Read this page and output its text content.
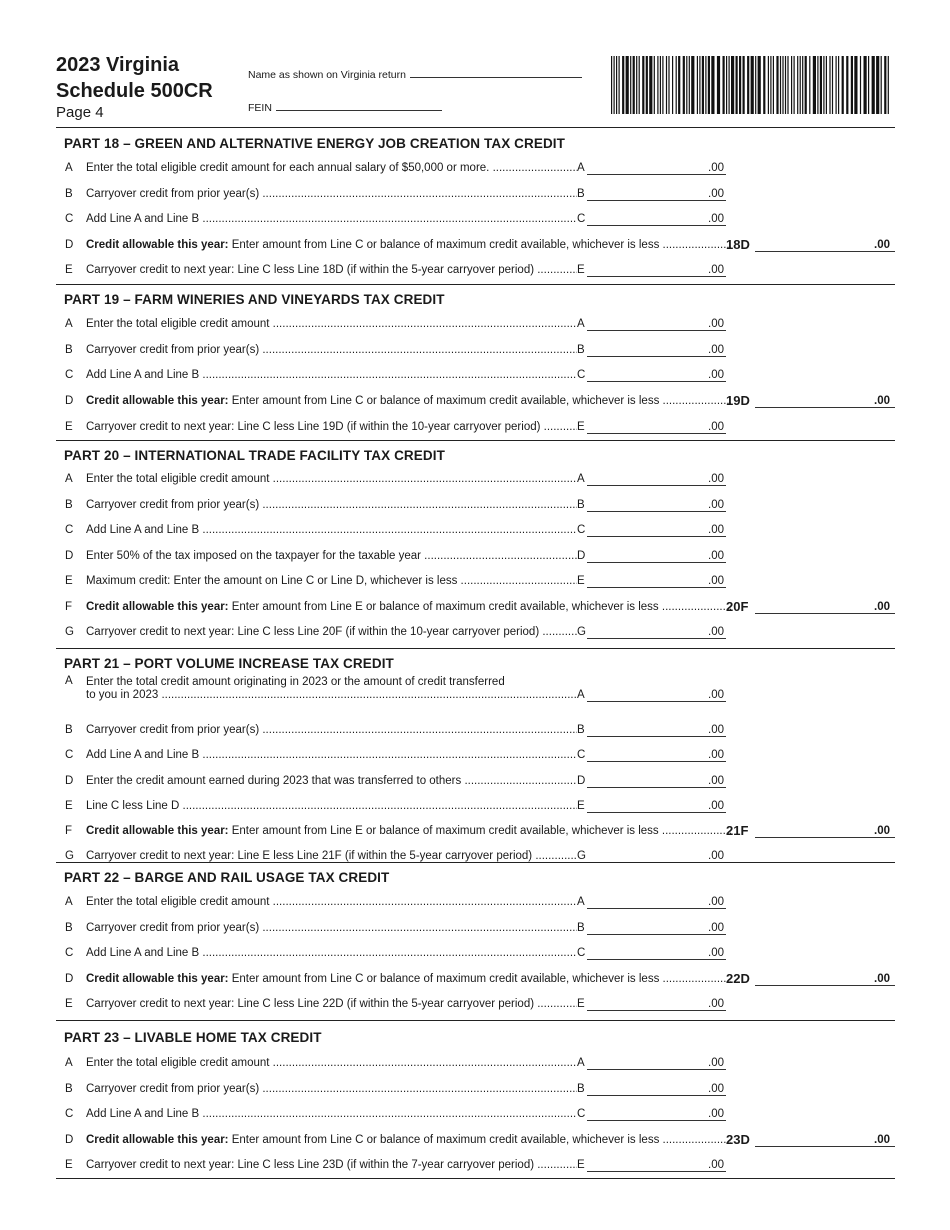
2023 Virginia
Schedule 500CR
Page 4
Name as shown on Virginia return
FEIN
PART 18 – GREEN AND ALTERNATIVE ENERGY JOB CREATION TAX CREDIT
A Enter the total eligible credit amount for each annual salary of $50,000 or more. .....	A	.00
B Carryover credit from prior year(s) .....	B	.00
C Add Line A and Line B .....	C	.00
D Credit allowable this year: Enter amount from Line C or balance of maximum credit available, whichever is less .....	18D	.00
E Carryover credit to next year: Line C less Line 18D (if within the 5-year carryover period) .....	E	.00
PART 19 – FARM WINERIES AND VINEYARDS TAX CREDIT
A Enter the total eligible credit amount .....	A	.00
B Carryover credit from prior year(s) .....	B	.00
C Add Line A and Line B .....	C	.00
D Credit allowable this year: Enter amount from Line C or balance of maximum credit available, whichever is less .....	19D	.00
E Carryover credit to next year: Line C less Line 19D (if within the 10-year carryover period) .....	E	.00
PART 20 – INTERNATIONAL TRADE FACILITY TAX CREDIT
A Enter the total eligible credit amount .....	A	.00
B Carryover credit from prior year(s) .....	B	.00
C Add Line A and Line B .....	C	.00
D Enter 50% of the tax imposed on the taxpayer for the taxable year .....	D	.00
E Maximum credit: Enter the amount on Line C or Line D, whichever is less .....	E	.00
F Credit allowable this year: Enter amount from Line E or balance of maximum credit available, whichever is less .....	20F	.00
G Carryover credit to next year: Line C less Line 20F (if within the 10-year carryover period) .....	G	.00
PART 21 – PORT VOLUME INCREASE TAX CREDIT
A Enter the total credit amount originating in 2023 or the amount of credit transferred
to you in 2023 .....	A	.00
B Carryover credit from prior year(s) .....	B	.00
C Add Line A and Line B .....	C	.00
D Enter the credit amount earned during 2023 that was transferred to others .....	D	.00
E Line C less Line D .....	E	.00
F Credit allowable this year: Enter amount from Line E or balance of maximum credit available, whichever is less .....	21F	.00
G Carryover credit to next year: Line E less Line 21F (if within the 5-year carryover period) .....	G	.00
PART 22 – BARGE AND RAIL USAGE TAX CREDIT
A Enter the total eligible credit amount .....	A	.00
B Carryover credit from prior year(s) .....	B	.00
C Add Line A and Line B .....	C	.00
D Credit allowable this year: Enter amount from Line C or balance of maximum credit available, whichever is less .....	22D	.00
E Carryover credit to next year: Line C less Line 22D (if within the 5-year carryover period) .....	E	.00
PART 23 – LIVABLE HOME TAX CREDIT
A Enter the total eligible credit amount .....	A	.00
B Carryover credit from prior year(s) .....	B	.00
C Add Line A and Line B .....	C	.00
D Credit allowable this year: Enter amount from Line C or balance of maximum credit available, whichever is less .....	23D	.00
E Carryover credit to next year: Line C less Line 23D (if within the 7-year carryover period) .....	E	.00
